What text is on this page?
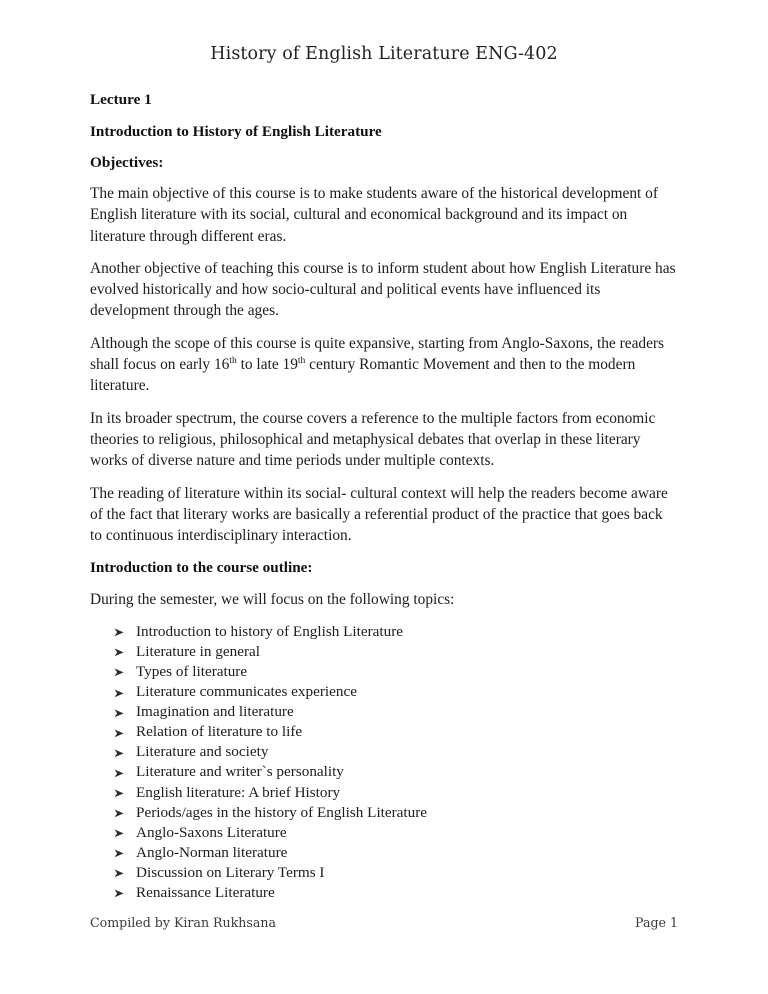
History of English Literature ENG-402

Lecture 1

Introduction to History of English Literature

Objectives:

The main objective of this course is to make students aware of the historical development of English literature with its social, cultural and economical background and its impact on literature through different eras.

Another objective of teaching this course is to inform student about how English Literature has evolved historically and how socio-cultural and political events have influenced its development through the ages.

Although the scope of this course is quite expansive, starting from Anglo-Saxons, the readers shall focus on early 16th to late 19th century Romantic Movement and then to the modern literature.

In its broader spectrum, the course covers a reference to the multiple factors from economic theories to religious, philosophical and metaphysical debates that overlap in these literary works of diverse nature and time periods under multiple contexts.

The reading of literature within its social- cultural context will help the readers become aware of the fact that literary works are basically a referential product of the practice that goes back to continuous interdisciplinary interaction.

Introduction to the course outline:

During the semester, we will focus on the following topics:

Introduction to history of English Literature
Literature in general
Types of literature
Literature communicates experience
Imagination and literature
Relation of literature to life
Literature and society
Literature and writer`s personality
English literature: A brief History
Periods/ages in the history of English Literature
Anglo-Saxons Literature
Anglo-Norman literature
Discussion on Literary Terms I
Renaissance Literature
Compiled by Kiran Rukhsana	Page 1
